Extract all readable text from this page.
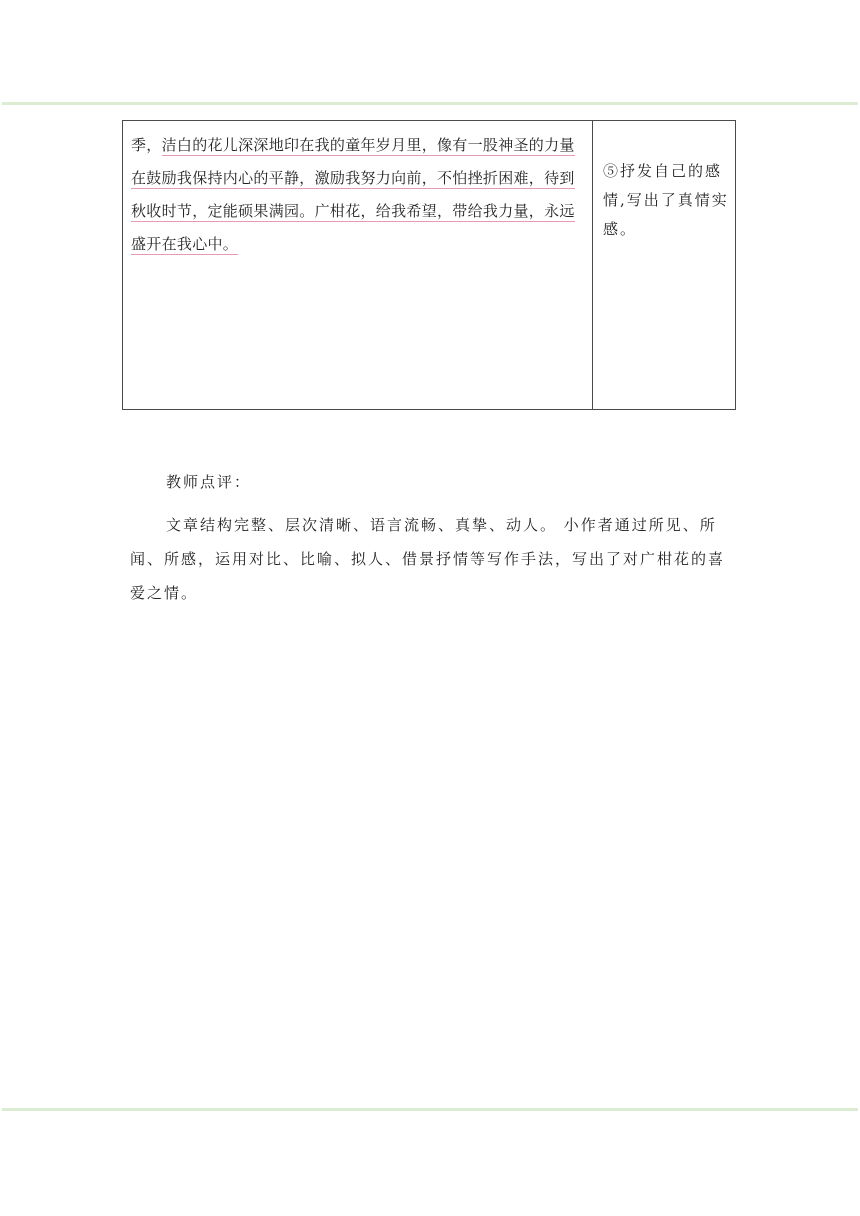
季，洁白的花儿深深地印在我的童年岁月里，像有一股神圣的力量
在鼓励我保持内心的平静，激励我努力向前，不怕挫折困难，待到
秋收时节，定能硕果满园。广柑花，给我希望，带给我力量，永远
盛开在我心中。
⑤抒发自己的感情,写出了真情实感。
教师点评：

文章结构完整、层次清晰、语言流畅、真挚、动人。 小作者通过所见、所闻、所感，运用对比、比喻、拟人、借景抒情等写作手法，写出了对广柑花的喜爱之情。
